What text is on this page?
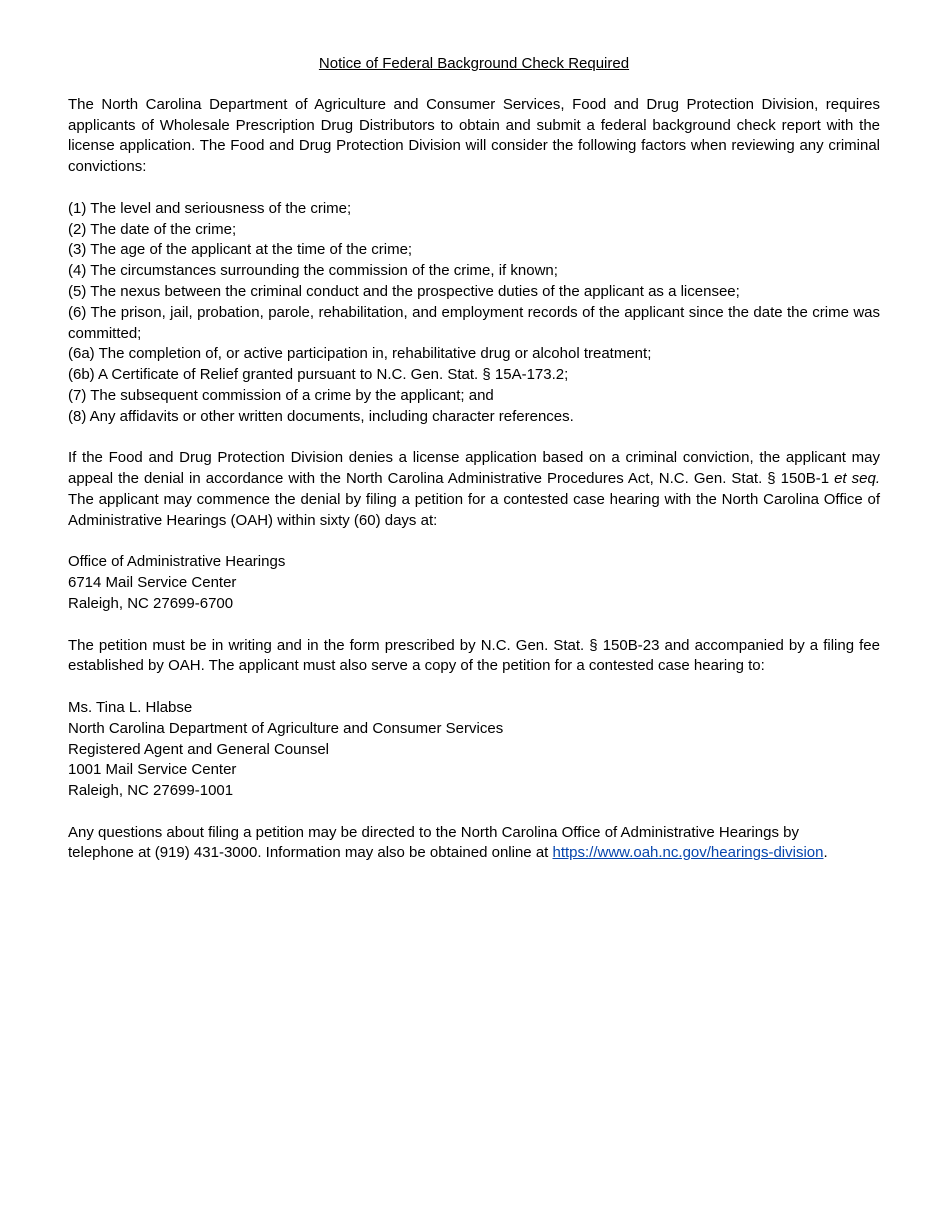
Notice of Federal Background Check Required

The North Carolina Department of Agriculture and Consumer Services, Food and Drug Protection Division, requires applicants of Wholesale Prescription Drug Distributors to obtain and submit a federal background check report with the license application. The Food and Drug Protection Division will consider the following factors when reviewing any criminal convictions:

(1) The level and seriousness of the crime;
(2) The date of the crime;
(3) The age of the applicant at the time of the crime;
(4) The circumstances surrounding the commission of the crime, if known;
(5) The nexus between the criminal conduct and the prospective duties of the applicant as a licensee;
(6) The prison, jail, probation, parole, rehabilitation, and employment records of the applicant since the date the crime was committed;
(6a) The completion of, or active participation in, rehabilitative drug or alcohol treatment;
(6b) A Certificate of Relief granted pursuant to N.C. Gen. Stat. § 15A-173.2;
(7) The subsequent commission of a crime by the applicant; and
(8) Any affidavits or other written documents, including character references.

If the Food and Drug Protection Division denies a license application based on a criminal conviction, the applicant may appeal the denial in accordance with the North Carolina Administrative Procedures Act, N.C. Gen. Stat. § 150B-1 et seq. The applicant may commence the denial by filing a petition for a contested case hearing with the North Carolina Office of Administrative Hearings (OAH) within sixty (60) days at:

Office of Administrative Hearings
6714 Mail Service Center
Raleigh, NC 27699-6700

The petition must be in writing and in the form prescribed by N.C. Gen. Stat. § 150B-23 and accompanied by a filing fee established by OAH. The applicant must also serve a copy of the petition for a contested case hearing to:

Ms. Tina L. Hlabse
North Carolina Department of Agriculture and Consumer Services
Registered Agent and General Counsel
1001 Mail Service Center
Raleigh, NC 27699-1001

Any questions about filing a petition may be directed to the North Carolina Office of Administrative Hearings by
telephone at (919) 431-3000. Information may also be obtained online at https://www.oah.nc.gov/hearings-division.
